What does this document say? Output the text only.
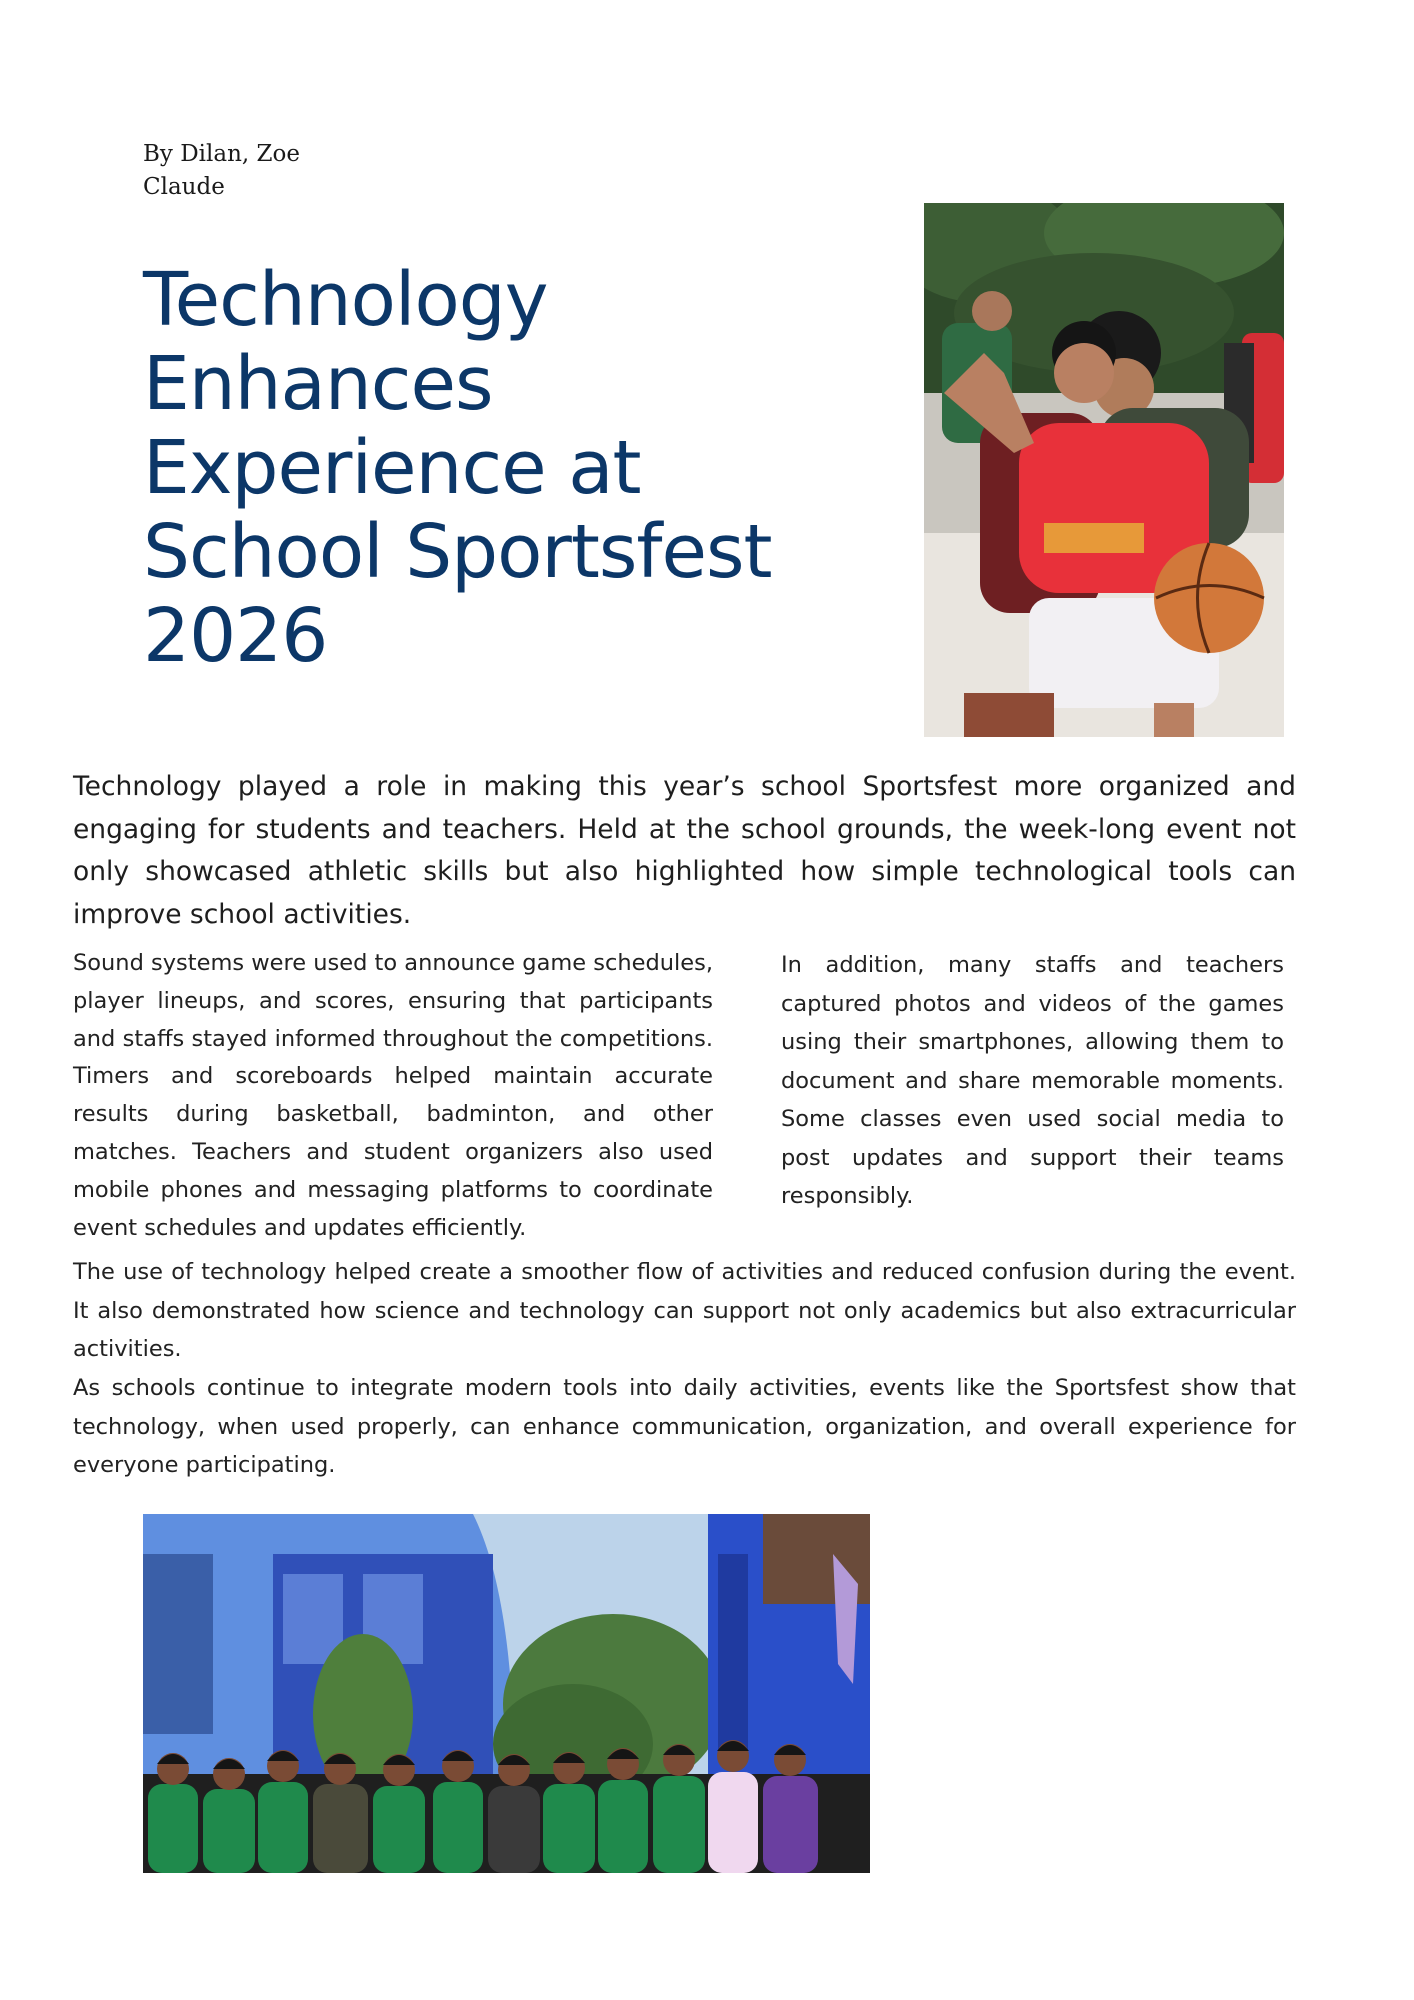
By Dilan, Zoe Claude
Technology Enhances Experience at School Sportsfest 2026

Technology played a role in making this year’s school Sportsfest more organized and engaging for students and teachers. Held at the school grounds, the week-long event not only showcased athletic skills but also highlighted how simple technological tools can improve school activities.

Sound systems were used to announce game schedules, player lineups, and scores, ensuring that participants and staffs stayed informed throughout the competitions. Timers and scoreboards helped maintain accurate results during basketball, badminton, and other matches. Teachers and student organizers also used mobile phones and messaging platforms to coordinate event schedules and updates efficiently.

In addition, many staffs and teachers captured photos and videos of the games using their smartphones, allowing them to document and share memorable moments. Some classes even used social media to post updates and support their teams responsibly.

The use of technology helped create a smoother flow of activities and reduced confusion during the event. It also demonstrated how science and technology can support not only academics but also extracurricular activities.

As schools continue to integrate modern tools into daily activities, events like the Sportsfest show that technology, when used properly, can enhance communication, organization, and overall experience for everyone participating.
